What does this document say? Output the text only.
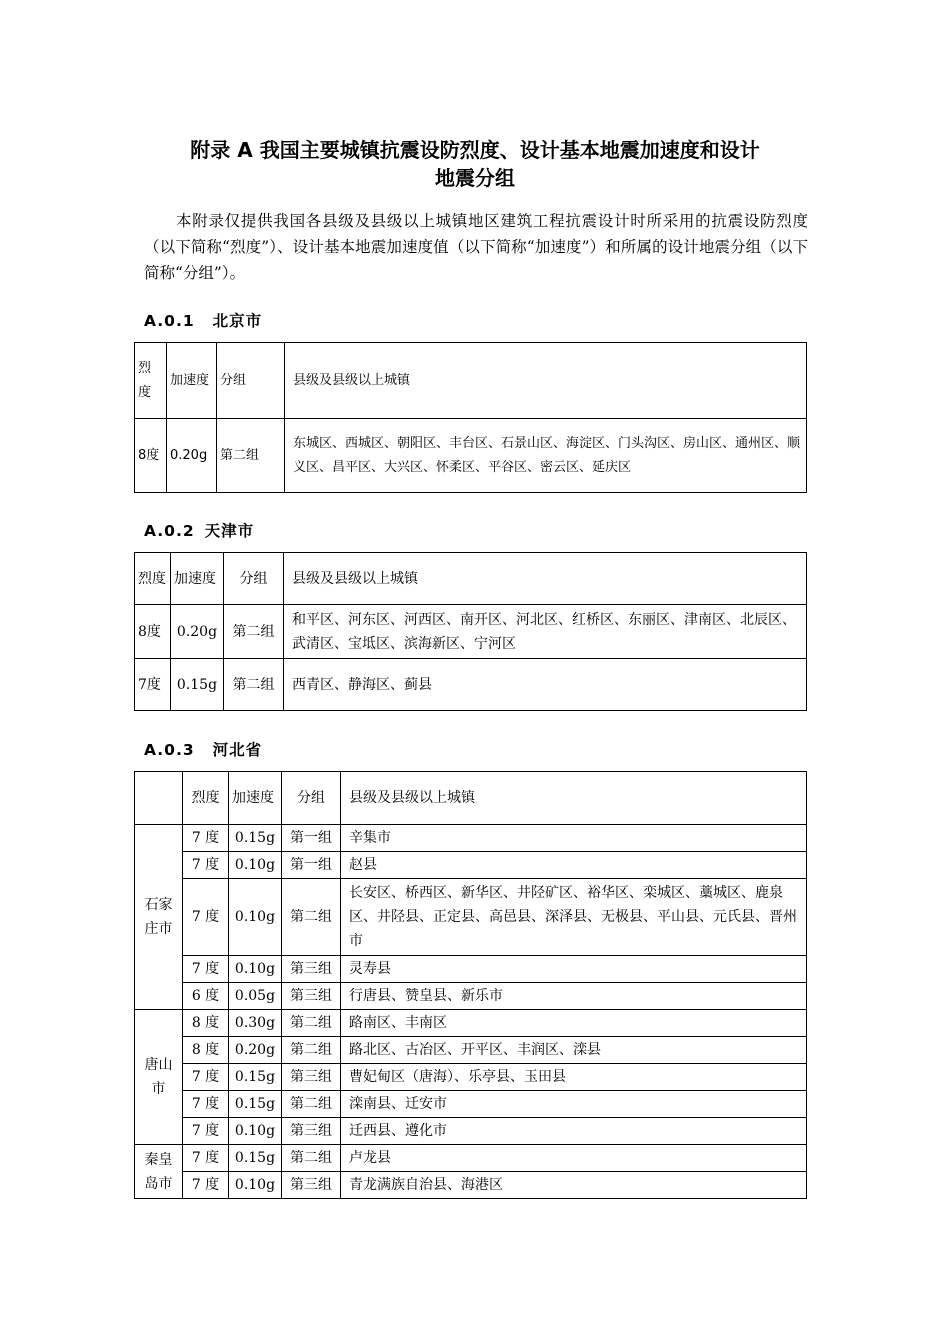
附录 A 我国主要城镇抗震设防烈度、设计基本地震加速度和设计
地震分组
本附录仅提供我国各县级及县级以上城镇地区建筑工程抗震设计时所采用的抗震设防烈度（以下简称“烈度”）、设计基本地震加速度值（以下简称“加速度”）和所属的设计地震分组（以下简称“分组”）。
A.0.1 北京市
烈度	加速度	分组	县级及县级以上城镇
8度	0.20g	第二组	东城区、西城区、朝阳区、丰台区、石景山区、海淀区、门头沟区、房山区、通州区、顺义区、昌平区、大兴区、怀柔区、平谷区、密云区、延庆区
A.0.2 天津市
烈度	加速度	分组	县级及县级以上城镇
8度	0.20g	第二组	和平区、河东区、河西区、南开区、河北区、红桥区、东丽区、津南区、北辰区、武清区、宝坻区、滨海新区、宁河区
7度	0.15g	第二组	西青区、静海区、蓟县
A.0.3 河北省
	烈度	加速度	分组	县级及县级以上城镇
石家庄市	7 度	0.15g	第一组	辛集市
	7 度	0.10g	第一组	赵县
	7 度	0.10g	第二组	长安区、桥西区、新华区、井陉矿区、裕华区、栾城区、藁城区、鹿泉区、井陉县、正定县、高邑县、深泽县、无极县、平山县、元氏县、晋州市
	7 度	0.10g	第三组	灵寿县
	6 度	0.05g	第三组	行唐县、赞皇县、新乐市
唐山市	8 度	0.30g	第二组	路南区、丰南区
	8 度	0.20g	第二组	路北区、古冶区、开平区、丰润区、滦县
	7 度	0.15g	第三组	曹妃甸区（唐海）、乐亭县、玉田县
	7 度	0.15g	第二组	滦南县、迁安市
	7 度	0.10g	第三组	迁西县、遵化市
秦皇岛市	7 度	0.15g	第二组	卢龙县
	7 度	0.10g	第三组	青龙满族自治县、海港区
